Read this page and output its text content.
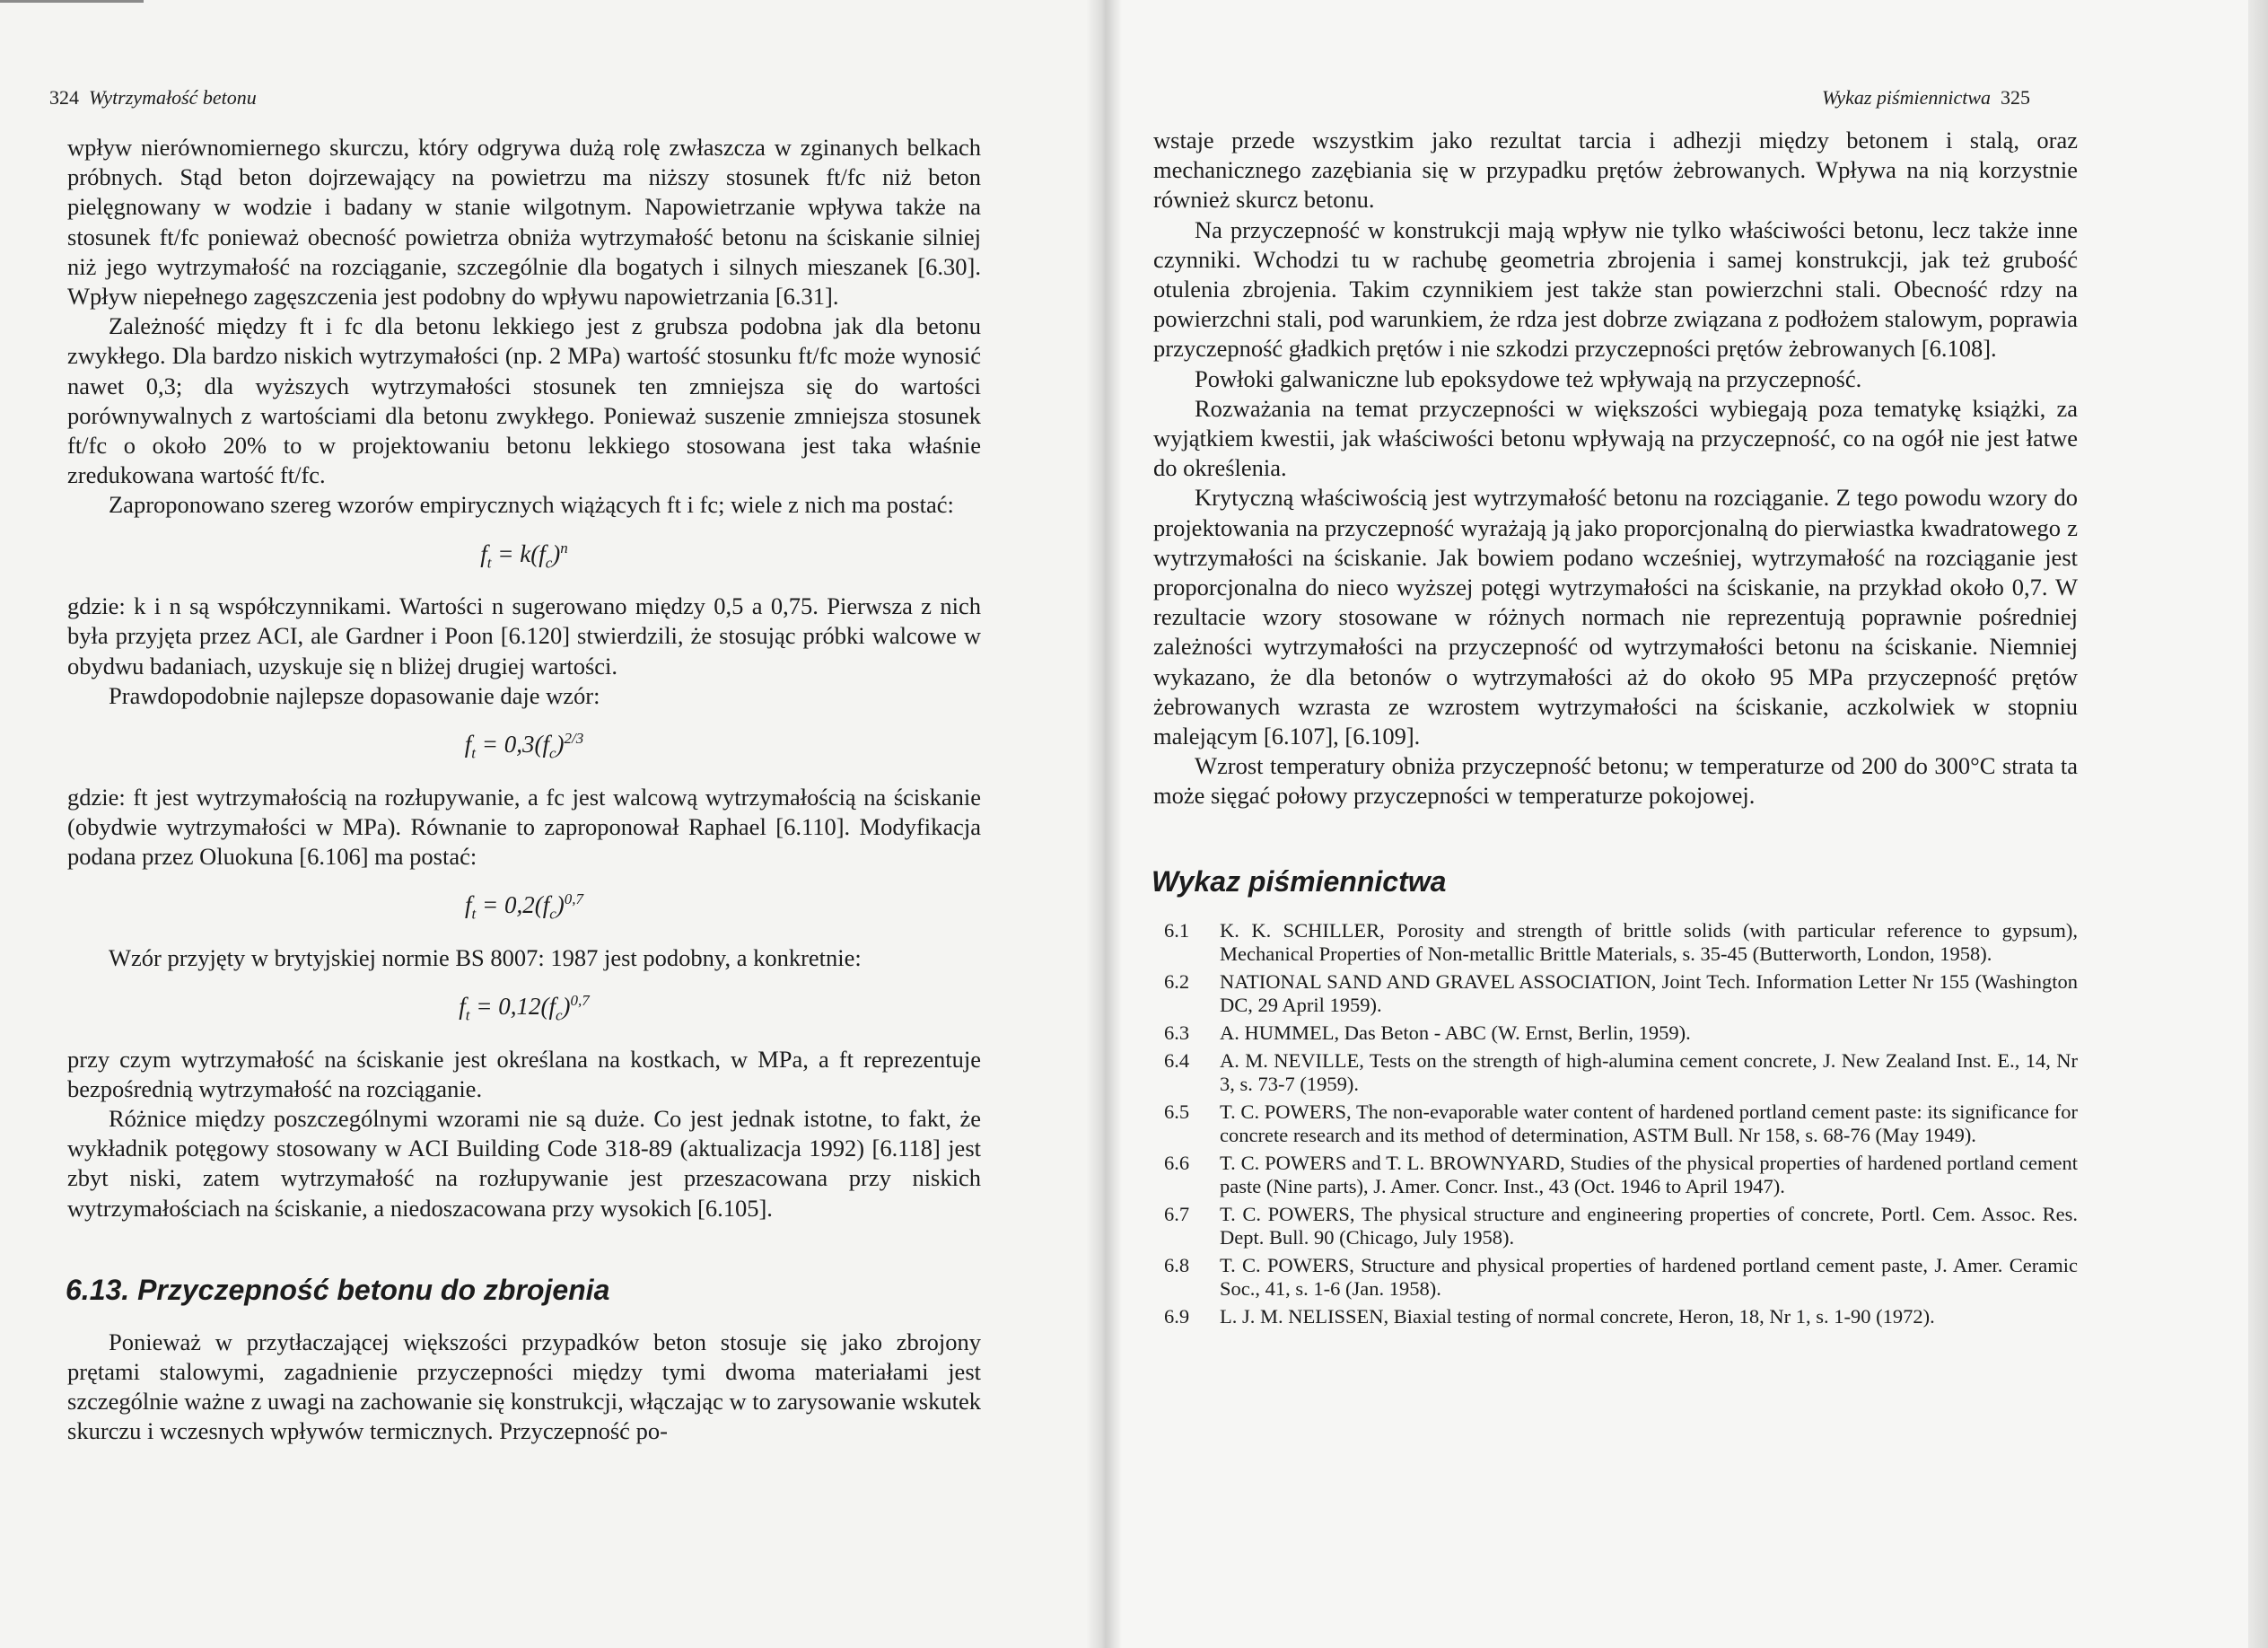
324 Wytrzymałość betonu

wpływ nierównomiernego skurczu, który odgrywa dużą rolę zwłaszcza w zginanych belkach próbnych. Stąd beton dojrzewający na powietrzu ma niższy stosunek ft/fc niż beton pielęgnowany w wodzie i badany w stanie wilgotnym. Napowietrzanie wpływa także na stosunek ft/fc ponieważ obecność powietrza obniża wytrzymałość betonu na ściskanie silniej niż jego wytrzymałość na rozciąganie, szczególnie dla bogatych i silnych mieszanek [6.30]. Wpływ niepełnego zagęszczenia jest podobny do wpływu napowietrzania [6.31].

Zależność między ft i fc dla betonu lekkiego jest z grubsza podobna jak dla betonu zwykłego. Dla bardzo niskich wytrzymałości (np. 2 MPa) wartość stosunku ft/fc może wynosić nawet 0,3; dla wyższych wytrzymałości stosunek ten zmniejsza się do wartości porównywalnych z wartościami dla betonu zwykłego. Ponieważ suszenie zmniejsza stosunek ft/fc o około 20% to w projektowaniu betonu lekkiego stosowana jest taka właśnie zredukowana wartość ft/fc.

Zaproponowano szereg wzorów empirycznych wiążących ft i fc; wiele z nich ma postać:

$f_t = k(f_c)^n$

gdzie: k i n są współczynnikami. Wartości n sugerowano między 0,5 a 0,75. Pierwsza z nich była przyjęta przez ACI, ale Gardner i Poon [6.120] stwierdzili, że stosując próbki walcowe w obydwu badaniach, uzyskuje się n bliżej drugiej wartości.

Prawdopodobnie najlepsze dopasowanie daje wzór:

$f_t = 0,3(f_c)^{2/3}$

gdzie: ft jest wytrzymałością na rozłupywanie, a fc jest walcową wytrzymałością na ściskanie (obydwie wytrzymałości w MPa). Równanie to zaproponował Raphael [6.110]. Modyfikacja podana przez Oluokuna [6.106] ma postać:

$f_t = 0,2(f_c)^{0,7}$

Wzór przyjęty w brytyjskiej normie BS 8007: 1987 jest podobny, a konkretnie:

$f_t = 0,12(f_c)^{0,7}$

przy czym wytrzymałość na ściskanie jest określana na kostkach, w MPa, a ft reprezentuje bezpośrednią wytrzymałość na rozciąganie.

Różnice między poszczególnymi wzorami nie są duże. Co jest jednak istotne, to fakt, że wykładnik potęgowy stosowany w ACI Building Code 318-89 (aktualizacja 1992) [6.118] jest zbyt niski, zatem wytrzymałość na rozłupywanie jest przeszacowana przy niskich wytrzymałościach na ściskanie, a niedoszacowana przy wysokich [6.105].

6.13. Przyczepność betonu do zbrojenia

Ponieważ w przytłaczającej większości przypadków beton stosuje się jako zbrojony prętami stalowymi, zagadnienie przyczepności między tymi dwoma materiałami jest szczególnie ważne z uwagi na zachowanie się konstrukcji, włączając w to zarysowanie wskutek skurczu i wczesnych wpływów termicznych. Przyczepność po-

Wykaz piśmiennictwa 325

wstaje przede wszystkim jako rezultat tarcia i adhezji między betonem i stalą, oraz mechanicznego zazębiania się w przypadku prętów żebrowanych. Wpływa na nią korzystnie również skurcz betonu.

Na przyczepność w konstrukcji mają wpływ nie tylko właściwości betonu, lecz także inne czynniki. Wchodzi tu w rachubę geometria zbrojenia i samej konstrukcji, jak też grubość otulenia zbrojenia. Takim czynnikiem jest także stan powierzchni stali. Obecność rdzy na powierzchni stali, pod warunkiem, że rdza jest dobrze związana z podłożem stalowym, poprawia przyczepność gładkich prętów i nie szkodzi przyczepności prętów żebrowanych [6.108].

Powłoki galwaniczne lub epoksydowe też wpływają na przyczepność.

Rozważania na temat przyczepności w większości wybiegają poza tematykę książki, za wyjątkiem kwestii, jak właściwości betonu wpływają na przyczepność, co na ogół nie jest łatwe do określenia.

Krytyczną właściwością jest wytrzymałość betonu na rozciąganie. Z tego powodu wzory do projektowania na przyczepność wyrażają ją jako proporcjonalną do pierwiastka kwadratowego z wytrzymałości na ściskanie. Jak bowiem podano wcześniej, wytrzymałość na rozciąganie jest proporcjonalna do nieco wyższej potęgi wytrzymałości na ściskanie, na przykład około 0,7. W rezultacie wzory stosowane w różnych normach nie reprezentują poprawnie pośredniej zależności wytrzymałości na przyczepność od wytrzymałości betonu na ściskanie. Niemniej wykazano, że dla betonów o wytrzymałości aż do około 95 MPa przyczepność prętów żebrowanych wzrasta ze wzrostem wytrzymałości na ściskanie, aczkolwiek w stopniu malejącym [6.107], [6.109].

Wzrost temperatury obniża przyczepność betonu; w temperaturze od 200 do 300°C strata ta może sięgać połowy przyczepności w temperaturze pokojowej.

Wykaz piśmiennictwa
6.1	K. K. SCHILLER, Porosity and strength of brittle solids (with particular reference to gypsum), Mechanical Properties of Non-metallic Brittle Materials, s. 35-45 (Butterworth, London, 1958).
6.2	NATIONAL SAND AND GRAVEL ASSOCIATION, Joint Tech. Information Letter Nr 155 (Washington DC, 29 April 1959).
6.3	A. HUMMEL, Das Beton - ABC (W. Ernst, Berlin, 1959).
6.4	A. M. NEVILLE, Tests on the strength of high-alumina cement concrete, J. New Zealand Inst. E., 14, Nr 3, s. 73-7 (1959).
6.5	T. C. POWERS, The non-evaporable water content of hardened portland cement paste: its significance for concrete research and its method of determination, ASTM Bull. Nr 158, s. 68-76 (May 1949).
6.6	T. C. POWERS and T. L. BROWNYARD, Studies of the physical properties of hardened portland cement paste (Nine parts), J. Amer. Concr. Inst., 43 (Oct. 1946 to April 1947).
6.7	T. C. POWERS, The physical structure and engineering properties of concrete, Portl. Cem. Assoc. Res. Dept. Bull. 90 (Chicago, July 1958).
6.8	T. C. POWERS, Structure and physical properties of hardened portland cement paste, J. Amer. Ceramic Soc., 41, s. 1-6 (Jan. 1958).
6.9	L. J. M. NELISSEN, Biaxial testing of normal concrete, Heron, 18, Nr 1, s. 1-90 (1972).
